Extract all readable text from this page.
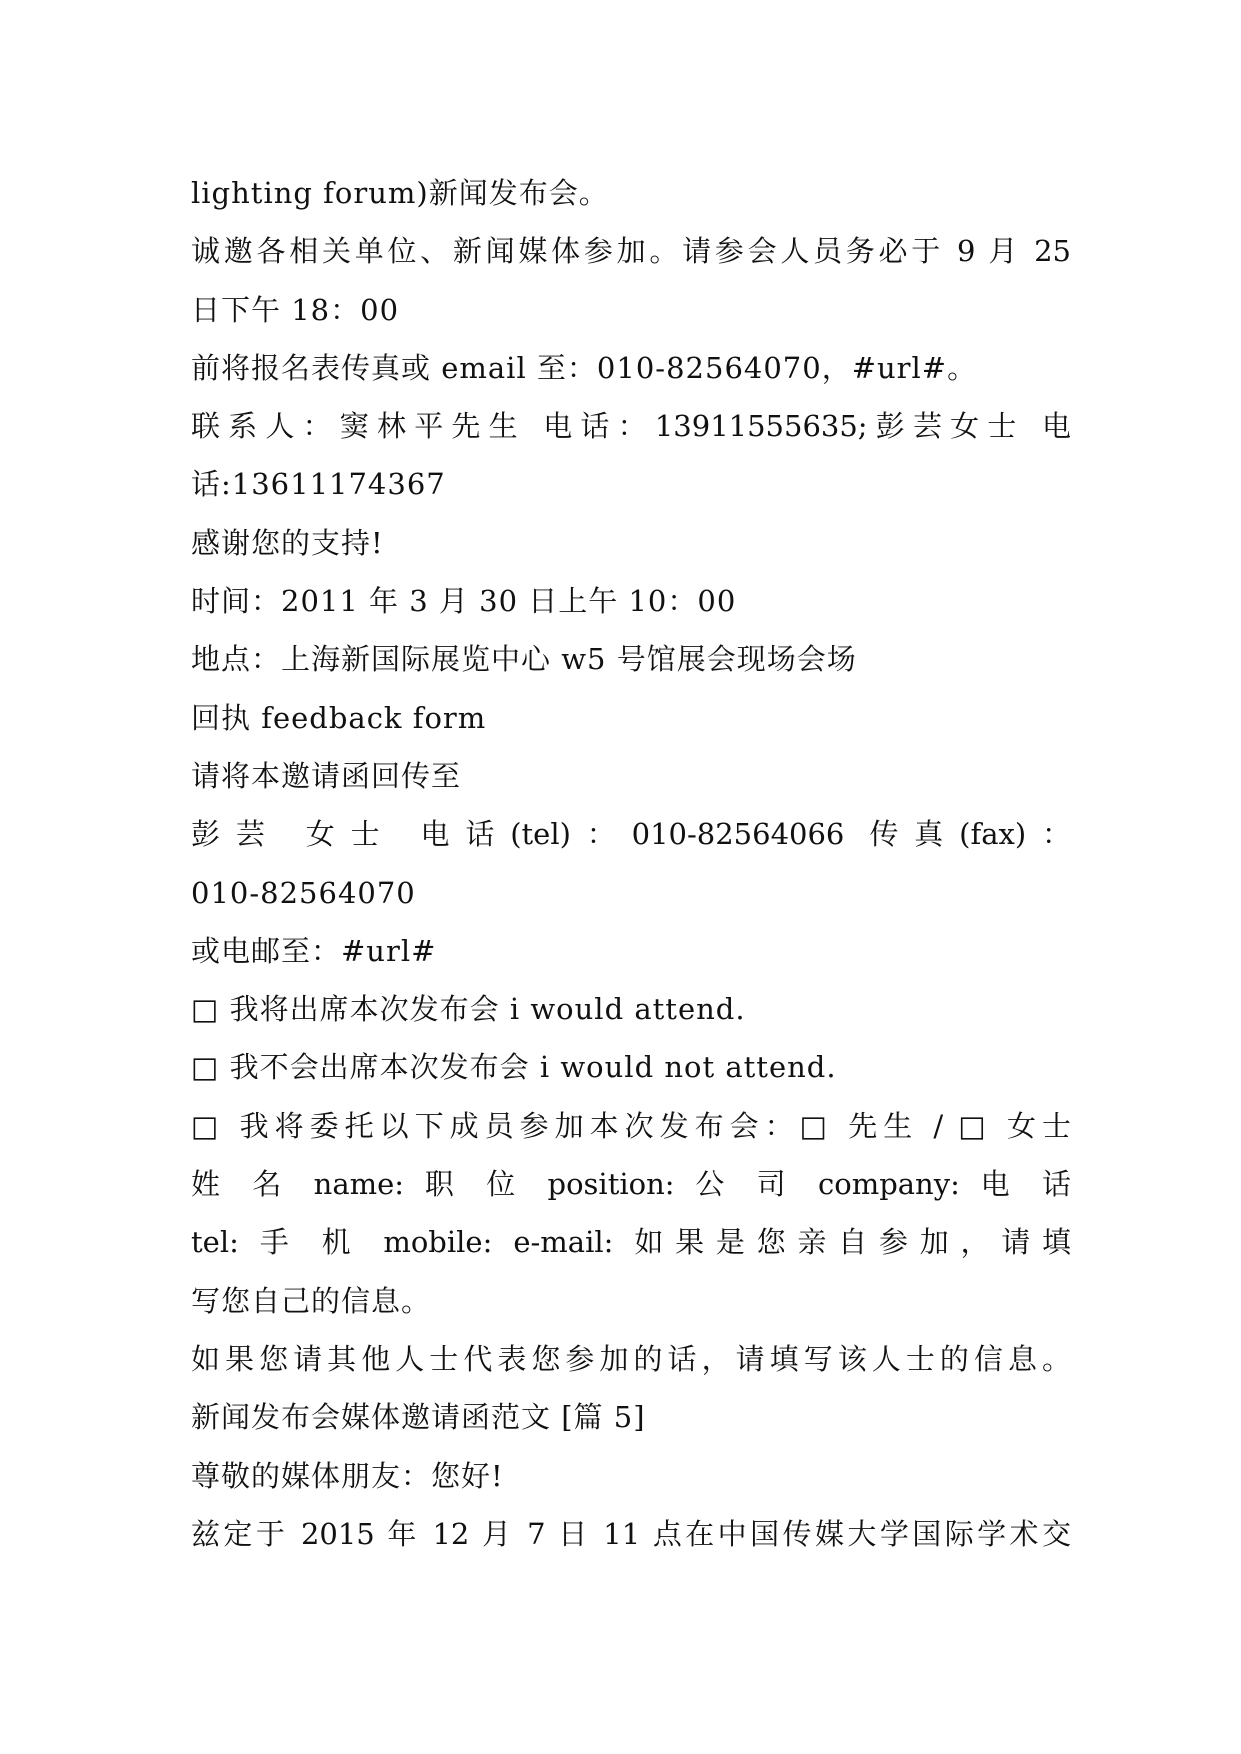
lighting forum)新闻发布会。
诚邀各相关单位、新闻媒体参加。请参会人员务必于 9 月 25
日下午 18：00
前将报名表传真或 email 至：010-82564070，#url#。
联系人：窦林平先生 电话：13911555635;彭芸女士 电
话:13611174367
感谢您的支持!
时间：2011 年 3 月 30 日上午 10：00
地点：上海新国际展览中心 w5 号馆展会现场会场
回执 feedback form
请将本邀请函回传至
彭芸 女士 电话(tel)：010-82564066 传真(fax)：
010-82564070
或电邮至：#url#
□ 我将出席本次发布会 i would attend.
□ 我不会出席本次发布会 i would not attend.
□ 我将委托以下成员参加本次发布会：□ 先生 / □ 女士
姓 名 name: 职 位 position: 公 司 company: 电 话
tel: 手 机 mobile: e-mail: 如果是您亲自参加，请填
写您自己的信息。
如果您请其他人士代表您参加的话，请填写该人士的信息。
新闻发布会媒体邀请函范文 [篇 5]
尊敬的媒体朋友：您好!
兹定于 2015 年 12 月 7 日 11 点在中国传媒大学国际学术交
